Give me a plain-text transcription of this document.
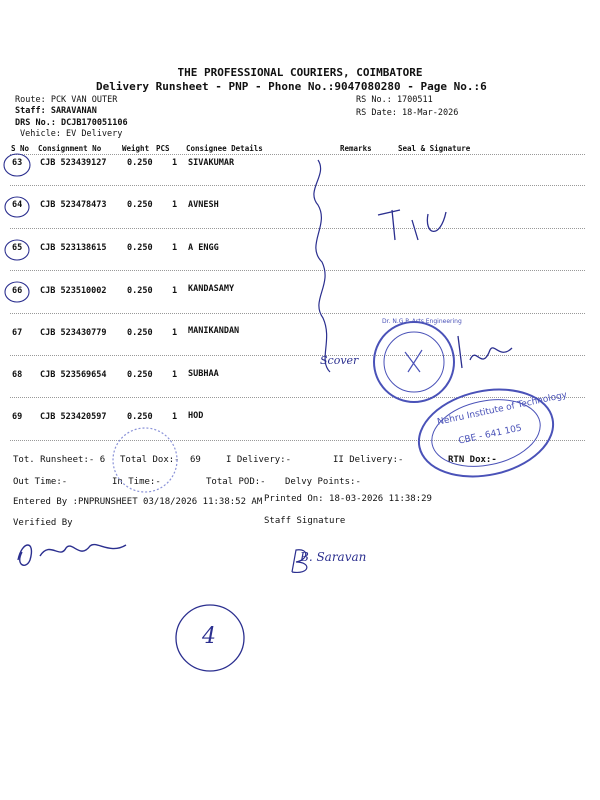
THE PROFESSIONAL COURIERS, COIMBATORE
Delivery Runsheet - PNP - Phone No.:9047080280 - Page No.:6
Route: PCK VAN OUTER
Staff: SARAVANAN
DRS No.: DCJB170051106
Vehicle: EV Delivery
RS No.: 1700511
RS Date: 18-Mar-2026
S No Consignment No	Weight PCS Consignee Details	Remarks	Seal & Signature
63 CJB 523439127 0.250 1 SIVAKUMAR
64 CJB 523478473 0.250 1 AVNESH
65 CJB 523138615 0.250 1 A ENGG
66 CJB 523510002 0.250 1 KANDASAMY
67 CJB 523430779 0.250 1 MANIKANDAN
68 CJB 523569654 0.250 1 SUBHAA
69 CJB 523420597 0.250 1 HOD
Tot. Runsheet:- 6 Total Dox:- 69	I Delivery:-	II Delivery:-	RTN Dox:-
Out Time:-	In Time:-	Total POD:- Delvy Points:-
Entered By :PNPRUNSHEET 03/18/2026 11:38:52 AM Printed On: 18-03-2026 11:38:29
Verified By	Staff Signature
Scover
B. Saravan
4
Nehru Institute of Technology
CBE - 641 105
Dr. N.G.P. Arts Engineering
